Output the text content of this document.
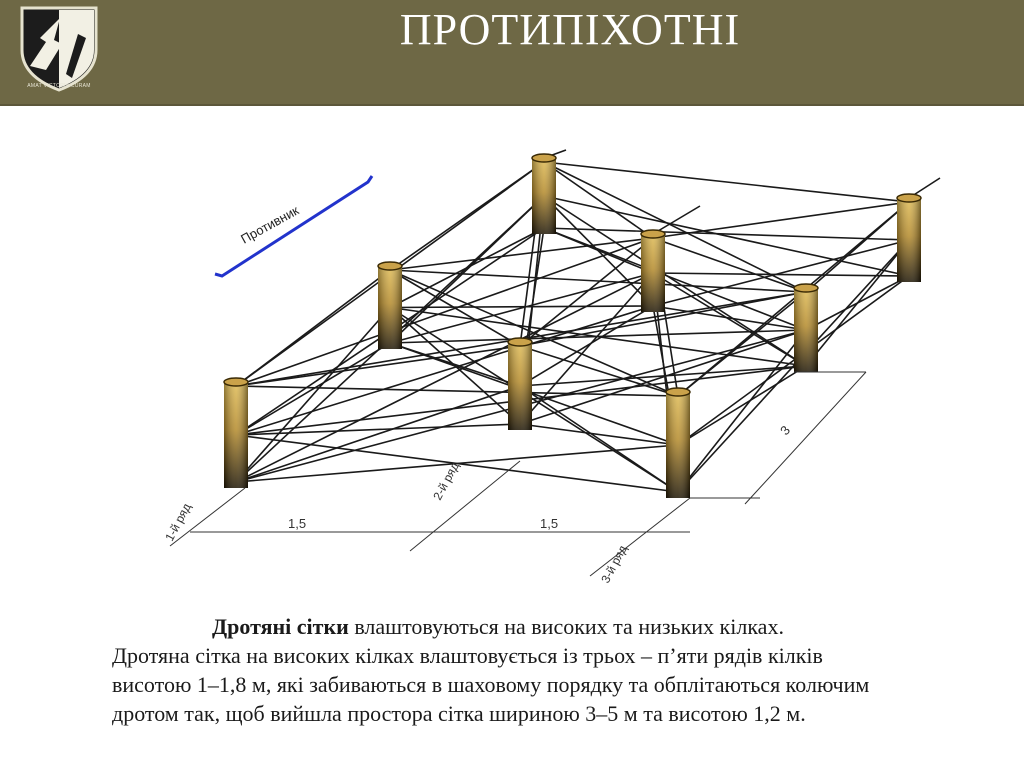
AMAT VICTORIA CURAM
ПРОТИПІХОТНІ
Противник
1-й ряд
2-й ряд
3-й ряд
1,5	1,5
3
Дротяні сітки влаштовуються на високих та низьких кілках.
Дротяна сітка на високих кілках влаштовується із трьох – п’яти рядів кілків
висотою 1–1,8 м, які забиваються в шаховому порядку та обплітаються колючим
дротом так, щоб вийшла простора сітка шириною 3–5 м та висотою 1,2 м.
